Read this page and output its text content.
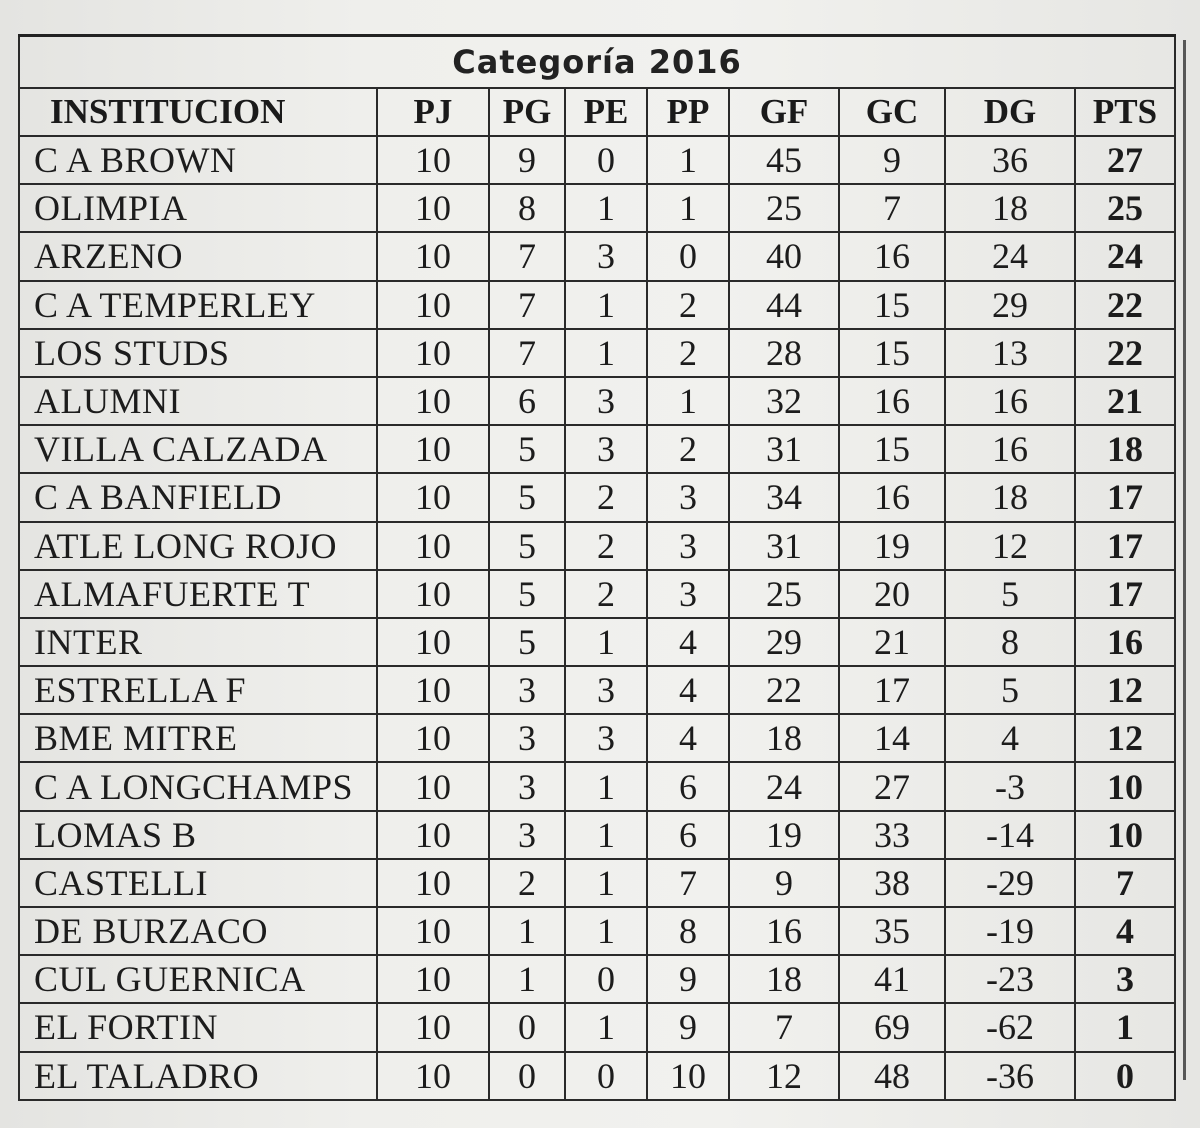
Categoría 2016								
INSTITUCION	PJ	PG	PE	PP	GF	GC	DG	PTS
C A BROWN	10	9	0	1	45	9	36	27
OLIMPIA	10	8	1	1	25	7	18	25
ARZENO	10	7	3	0	40	16	24	24
C A TEMPERLEY	10	7	1	2	44	15	29	22
LOS STUDS	10	7	1	2	28	15	13	22
ALUMNI	10	6	3	1	32	16	16	21
VILLA CALZADA	10	5	3	2	31	15	16	18
C A BANFIELD	10	5	2	3	34	16	18	17
ATLE LONG ROJO	10	5	2	3	31	19	12	17
ALMAFUERTE T	10	5	2	3	25	20	5	17
INTER	10	5	1	4	29	21	8	16
ESTRELLA F	10	3	3	4	22	17	5	12
BME MITRE	10	3	3	4	18	14	4	12
C A LONGCHAMPS	10	3	1	6	24	27	-3	10
LOMAS B	10	3	1	6	19	33	-14	10
CASTELLI	10	2	1	7	9	38	-29	7
DE BURZACO	10	1	1	8	16	35	-19	4
CUL GUERNICA	10	1	0	9	18	41	-23	3
EL FORTIN	10	0	1	9	7	69	-62	1
EL TALADRO	10	0	0	10	12	48	-36	0
